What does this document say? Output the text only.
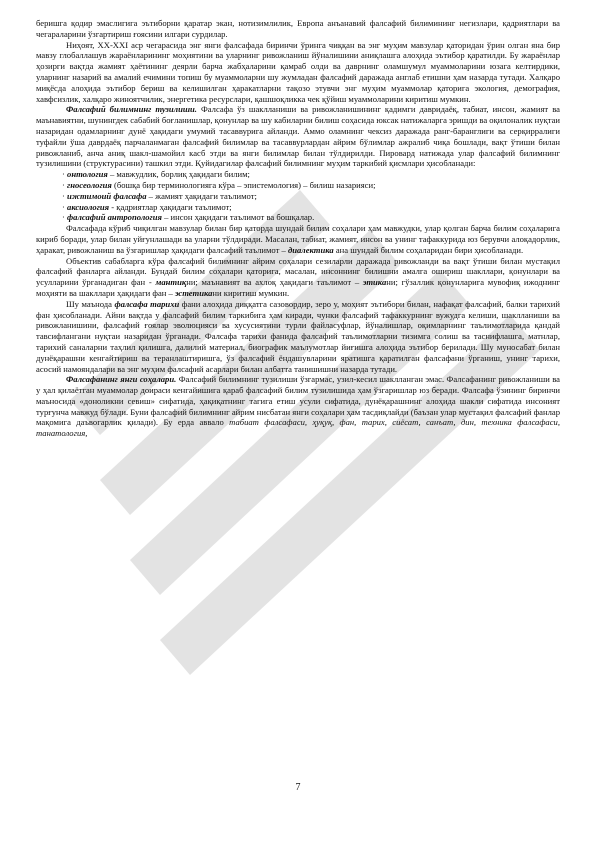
беришга қодир эмаслигига эътиборни қаратар экан, нотизимлилик, Европа анъанавий фалсафий билимининг негизлари, қадриятлари ва чегараларини ўзгартириш ғоясини илгари сурдилар.

Ниҳоят, XX-XXI аср чегарасида энг янги фалсафада биринчи ўринга чиққан ва энг муҳим мавзулар қаторидан ўрин олган яна бир мавзу глобаллашув жараёнларининг моҳиятини ва уларнинг ривожланиш йўналишини аниқлашга алоҳида эътибор қаратилди. Бу жараёнлар ҳозирги вақтда жамият ҳаётининг деярли барча жабҳаларини қамраб олди ва даврнинг оламшумул муаммоларини юзага келтирдики, уларнинг назарий ва амалий ечимини топиш бу муаммоларни шу жумладан фалсафий даражада англаб етишни ҳам назарда тутади. Халқаро миқёсда алоҳида эътибор бериш ва келишилган ҳаракатларни тақозо этувчи энг муҳим муаммолар қаторига экология, демография, хавфсизлик, халқаро жиноятчилик, энергетика ресурслари, қашшоқликка чек қўйиш муаммоларини киритиш мумкин.

Фалсафий билимнинг тузилиши. Фалсафа ўз шаклланиши ва ривожланишининг қадимги давридаёқ, табиат, инсон, жамият ва маънавиятни, шунингдек сабабий боғланишлар, қонунлар ва шу кабиларни билиш соҳасида юксак натижаларга эришди ва оқилоналик нуқтаи назаридан одамларнинг дунё ҳақидаги умумий тасаввурига айланди. Аммо оламнинг чексиз даражада ранг-баранглиги ва серқирралиги туфайли ўша даврдаёқ парчаланмаган фалсафий билимлар ва тасаввурлардан айрим бўлимлар ажралиб чиқа бошлади, вақт ўтиши билан ривожланиб, анча аниқ шакл-шамойил касб этди ва янги билимлар билан тўлдирилди. Пировард натижада улар фалсафий билимнинг тузилишини (структурасини) ташкил этди. Қуйидагилар фалсафий билимнинг муҳим таркибий қисмлари ҳисобланади:

· онтология – мавжудлик, борлиқ ҳақидаги билим;
· гносеология (бошқа бир терминологияга кўра – эпистемология) – билиш назарияси;
· ижтимоий фалсафа – жамият ҳақидаги таълимот;
· аксиология - қадриятлар ҳақидаги таълимот;
· фалсафий антропология – инсон ҳақидаги таълимот ва бошқалар.

Фалсафада кўриб чиқилган мавзулар билан бир қаторда шундай билим соҳалари ҳам мавжудки, улар қолган барча билим соҳаларига кириб боради, улар билан уйғунлашади ва уларни тўлдиради. Масалан, табиат, жамият, инсон ва унинг тафаккурида юз берувчи алоқадорлик, ҳаракат, ривожланиш ва ўзгаришлар ҳақидаги фалсафий таълимот – диалектика ана шундай билим соҳаларидан бири ҳисобланади.

Объектив сабабларга кўра фалсафий билимнинг айрим соҳалари сезиларли даражада ривожланди ва вақт ўтиши билан мустақил фалсафий фанларга айланди. Бундай билим соҳалари қаторига, масалан, инсоннинг билишни амалга ошириш шакллари, қонунлари ва усулларини ўрганадиган фан - мантиқни; маънавият ва ахлоқ ҳақидаги таълимот – этикани; гўзаллик қонунларига мувофиқ ижоднинг моҳияти ва шакллари ҳақидаги фан – эстетикани киритиш мумкин.

Шу маънода фалсафа тарихи фани алоҳида диққатга сазовордир, зеро у, моҳият эътибори билан, нафақат фалсафий, балки тарихий фан ҳисобланади. Айни вақтда у фалсафий билим таркибига ҳам киради, чунки фалсафий тафаккурнинг вужудга келиши, шаклланиши ва ривожланишини, фалсафий ғоялар эволюцияси ва хусусиятини турли файласуфлар, йўналишлар, оқимларнинг таълимотларида қандай тавсифлангани нуқтаи назаридан ўрганади. Фалсафа тарихи фанида фалсафий таълимотларни тизимга солиш ва таснифлашга, матнлар, тарихий саналарни таҳлил қилишга, далилий материал, биографик маълумотлар йиғишга алоҳида эътибор берилади. Шу муносабат билан дунёқарашни кенгайтириш ва теранлаштиришга, ўз фалсафий ёндашувларини яратишга қаратилган фалсафани ўрганиш, унинг тарихи, асосий намояндалари ва энг муҳим фалсафий асарлари билан албатта танишишни назарда тутади.

Фалсафанинг янги соҳалари. Фалсафий билимнинг тузилиши ўзгармас, узил-кесил шаклланган эмас. Фалсафанинг ривожланиши ва у ҳал қилаётган муаммолар доираси кенгайишига қараб фалсафий билим тузилишида ҳам ўзгаришлар юз беради. Фалсафа ўзининг биринчи маъносида «доноликни севиш» сифатида, ҳақиқатнинг тагига етиш усули сифатида, дунёқарашнинг алоҳида шакли сифатида инсоният турғунча мавжуд бўлади. Буни фалсафий билимнинг айрим нисбатан янги соҳалари ҳам тасдиқлайди (баъзан улар мустақил фалсафий фанлар мақомига даъвогарлик қилади). Бу ерда аввало табиат фалсафаси, ҳуқуқ, фан, тарих, сиёсат, санъат, дин, техника фалсафаси, танатология,

7
